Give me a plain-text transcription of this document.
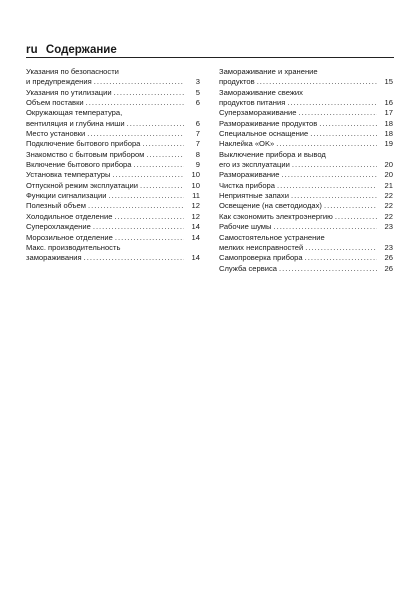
ru Содержание
Указания по безопасности
и предупреждения .....	3
Указания по утилизации .....	5
Объем поставки .....	6
Окружающая температура,
вентиляция и глубина ниши .....	6
Место установки .....	7
Подключение бытового прибора .....	7
Знакомство с бытовым прибором .....	8
Включение бытового прибора .....	9
Установка температуры .....	10
Отпускной режим эксплуатации .....	10
Функции сигнализации .....	11
Полезный объем .....	12
Холодильное отделение .....	12
Суперохлаждение .....	14
Морозильное отделение .....	14
Макс. производительность
замораживания .....	14
Замораживание и хранение
продуктов .....	15
Замораживание свежих
продуктов питания .....	16
Суперзамораживание .....	17
Размораживание продуктов .....	18
Специальное оснащение .....	18
Наклейка «OK» .....	19
Выключение прибора и вывод
его из эксплуатации .....	20
Размораживание .....	20
Чистка прибора .....	21
Неприятные запахи .....	22
Освещение (на светодиодах) .....	22
Как сэкономить электроэнергию .....	22
Рабочие шумы .....	23
Самостоятельное устранение
мелких неисправностей .....	23
Самопроверка прибора .....	26
Служба сервиса .....	26
